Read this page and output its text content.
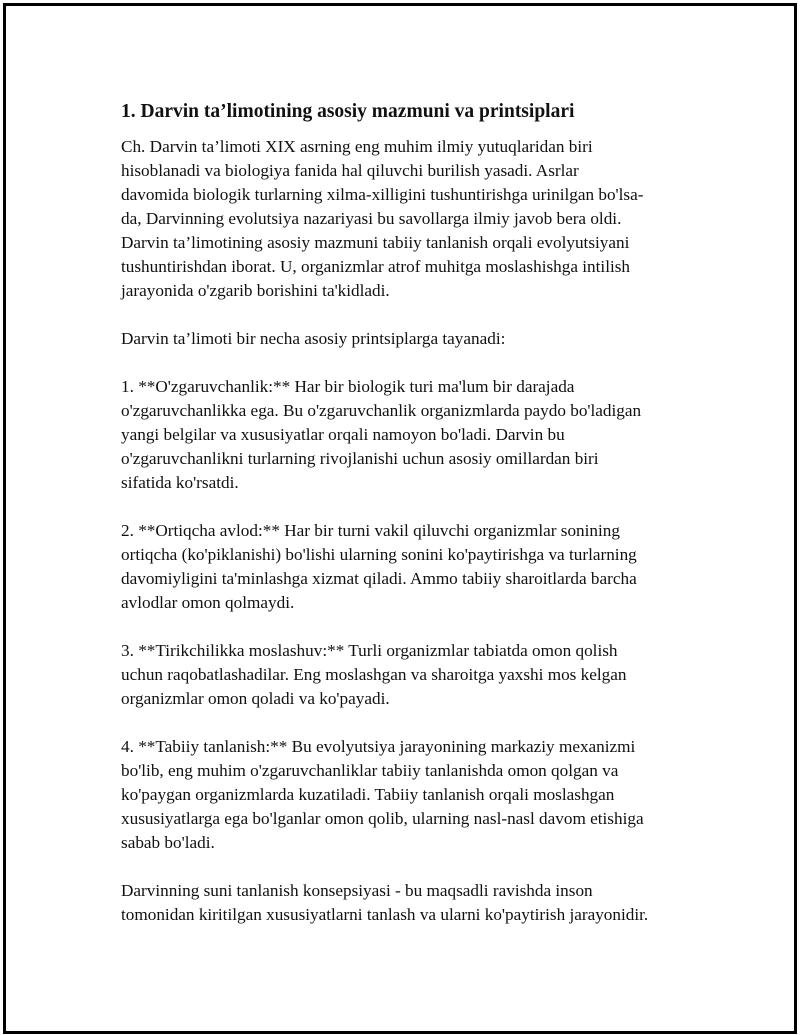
1. Darvin ta’limotining asosiy mazmuni va printsiplari

Ch. Darvin ta’limoti XIX asrning eng muhim ilmiy yutuqlaridan biri
hisoblanadi va biologiya fanida hal qiluvchi burilish yasadi. Asrlar
davomida biologik turlarning xilma-xilligini tushuntirishga urinilgan bo'lsa-
da, Darvinning evolutsiya nazariyasi bu savollarga ilmiy javob bera oldi.
Darvin ta’limotining asosiy mazmuni tabiiy tanlanish orqali evolyutsiyani
tushuntirishdan iborat. U, organizmlar atrof muhitga moslashishga intilish
jarayonida o'zgarib borishini ta'kidladi.

Darvin ta’limoti bir necha asosiy printsiplarga tayanadi:

1. **O'zgaruvchanlik:** Har bir biologik turi ma'lum bir darajada
o'zgaruvchanlikka ega. Bu o'zgaruvchanlik organizmlarda paydo bo'ladigan
yangi belgilar va xususiyatlar orqali namoyon bo'ladi. Darvin bu
o'zgaruvchanlikni turlarning rivojlanishi uchun asosiy omillardan biri
sifatida ko'rsatdi.

2. **Ortiqcha avlod:** Har bir turni vakil qiluvchi organizmlar sonining
ortiqcha (ko'piklanishi) bo'lishi ularning sonini ko'paytirishga va turlarning
davomiyligini ta'minlashga xizmat qiladi. Ammo tabiiy sharoitlarda barcha
avlodlar omon qolmaydi.

3. **Tirikchilikka moslashuv:** Turli organizmlar tabiatda omon qolish
uchun raqobatlashadilar. Eng moslashgan va sharoitga yaxshi mos kelgan
organizmlar omon qoladi va ko'payadi.

4. **Tabiiy tanlanish:** Bu evolyutsiya jarayonining markaziy mexanizmi
bo'lib, eng muhim o'zgaruvchanliklar tabiiy tanlanishda omon qolgan va
ko'paygan organizmlarda kuzatiladi. Tabiiy tanlanish orqali moslashgan
xususiyatlarga ega bo'lganlar omon qolib, ularning nasl-nasl davom etishiga
sabab bo'ladi.

Darvinning suni tanlanish konsepsiyasi - bu maqsadli ravishda inson
tomonidan kiritilgan xususiyatlarni tanlash va ularni ko'paytirish jarayonidir.
